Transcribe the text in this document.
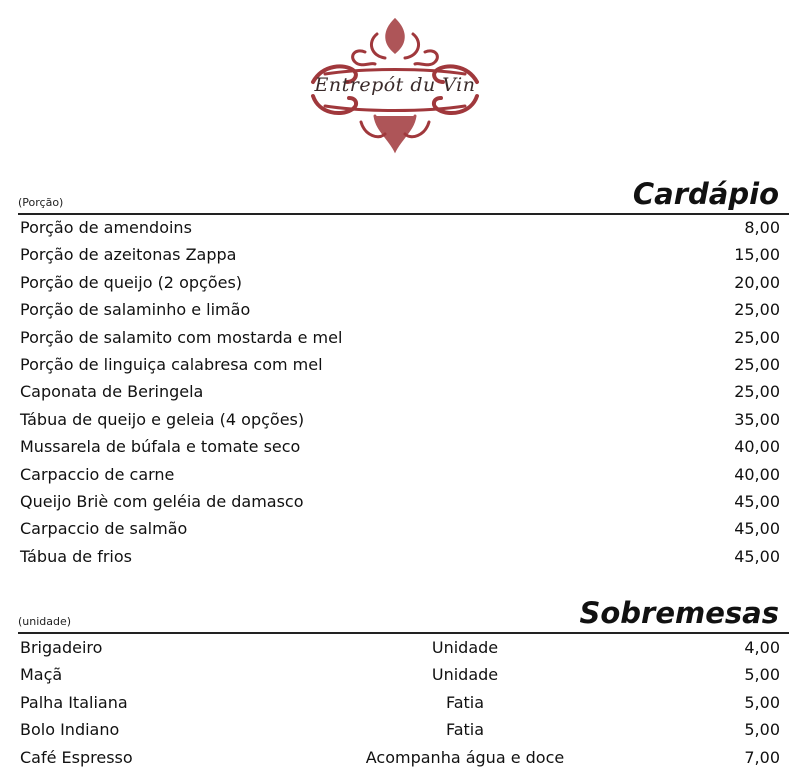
Entrepót du Vin
(Porção)	Cardápio
Porção de amendoins	8,00
Porção de azeitonas Zappa	15,00
Porção de queijo (2 opções)	20,00
Porção de salaminho e limão	25,00
Porção de salamito com mostarda e mel	25,00
Porção de linguiça calabresa com mel	25,00
Caponata de Beringela	25,00
Tábua de queijo e geleia (4 opções)	35,00
Mussarela de búfala e tomate seco	40,00
Carpaccio de carne	40,00
Queijo Briè com geléia de damasco	45,00
Carpaccio de salmão	45,00
Tábua de frios	45,00
(unidade)	Sobremesas
Brigadeiro	Unidade	4,00
Maçã	Unidade	5,00
Palha Italiana	Fatia	5,00
Bolo Indiano	Fatia	5,00
Café Espresso	Acompanha água e doce	7,00
